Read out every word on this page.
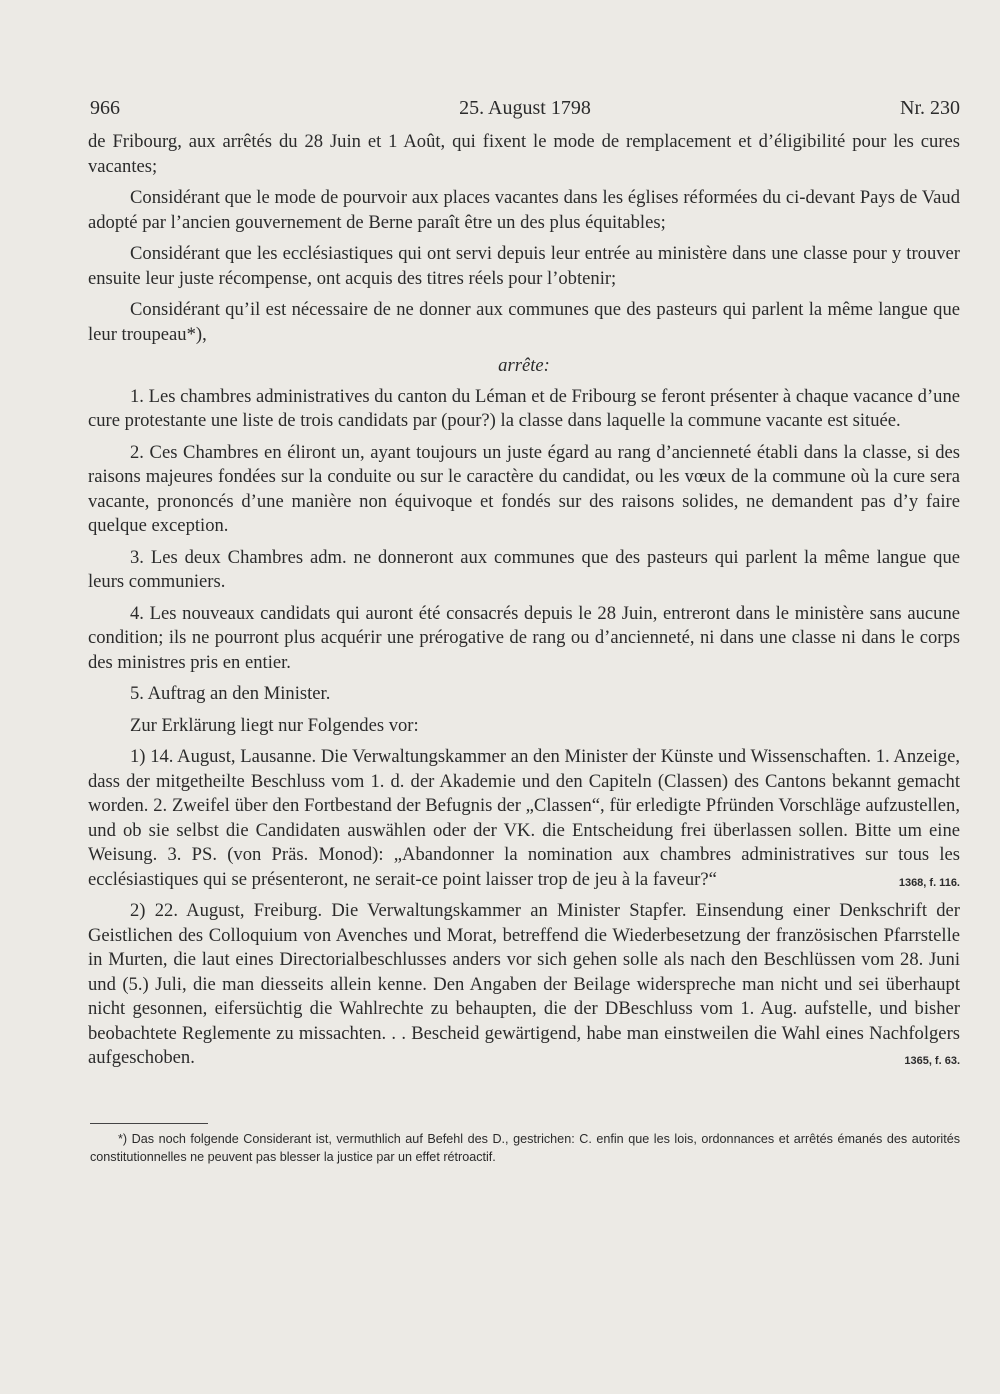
966	25. August 1798	Nr. 230

de Fribourg, aux arrêtés du 28 Juin et 1 Août, qui fixent le mode de remplacement et d’éligibilité pour les cures vacantes;

Considérant que le mode de pourvoir aux places vacantes dans les églises réformées du ci-devant Pays de Vaud adopté par l’ancien gouvernement de Berne paraît être un des plus équitables;

Considérant que les ecclésiastiques qui ont servi depuis leur entrée au ministère dans une classe pour y trouver ensuite leur juste récompense, ont acquis des titres réels pour l’obtenir;

Considérant qu’il est nécessaire de ne donner aux communes que des pasteurs qui parlent la même langue que leur troupeau*),

arrête:

1. Les chambres administratives du canton du Léman et de Fribourg se feront présenter à chaque vacance d’une cure protestante une liste de trois candidats par (pour?) la classe dans laquelle la commune vacante est située.

2. Ces Chambres en éliront un, ayant toujours un juste égard au rang d’ancienneté établi dans la classe, si des raisons majeures fondées sur la conduite ou sur le caractère du candidat, ou les vœux de la commune où la cure sera vacante, prononcés d’une manière non équivoque et fondés sur des raisons solides, ne demandent pas d’y faire quelque exception.

3. Les deux Chambres adm. ne donneront aux communes que des pasteurs qui parlent la même langue que leurs communiers.

4. Les nouveaux candidats qui auront été consacrés depuis le 28 Juin, entreront dans le ministère sans aucune condition; ils ne pourront plus acquérir une prérogative de rang ou d’ancienneté, ni dans une classe ni dans le corps des ministres pris en entier.

5. Auftrag an den Minister.

Zur Erklärung liegt nur Folgendes vor:

1) 14. August, Lausanne. Die Verwaltungskammer an den Minister der Künste und Wissenschaften. 1. Anzeige, dass der mitgetheilte Beschluss vom 1. d. der Akademie und den Capiteln (Classen) des Cantons bekannt gemacht worden. 2. Zweifel über den Fortbestand der Befugnis der „Classen“, für erledigte Pfründen Vorschläge aufzustellen, und ob sie selbst die Candidaten auswählen oder der VK. die Entscheidung frei überlassen sollen. Bitte um eine Weisung. 3. PS. (von Präs. Monod): „Abandonner la nomination aux chambres administratives sur tous les ecclésiastiques qui se présenteront, ne serait-ce point laisser trop de jeu à la faveur?“	1368, f. 116.

2) 22. August, Freiburg. Die Verwaltungskammer an Minister Stapfer. Einsendung einer Denkschrift der Geistlichen des Colloquium von Avenches und Morat, betreffend die Wiederbesetzung der französischen Pfarrstelle in Murten, die laut eines Directorialbeschlusses anders vor sich gehen solle als nach den Beschlüssen vom 28. Juni und (5.) Juli, die man diesseits allein kenne. Den Angaben der Beilage widerspreche man nicht und sei überhaupt nicht gesonnen, eifersüchtig die Wahlrechte zu behaupten, die der DBeschluss vom 1. Aug. aufstelle, und bisher beobachtete Reglemente zu missachten. . . Bescheid gewärtigend, habe man einstweilen die Wahl eines Nachfolgers aufgeschoben.	1365, f. 63.

*) Das noch folgende Considerant ist, vermuthlich auf Befehl des D., gestrichen: C. enfin que les lois, ordonnances et arrêtés émanés des autorités constitutionnelles ne peuvent pas blesser la justice par un effet rétroactif.
